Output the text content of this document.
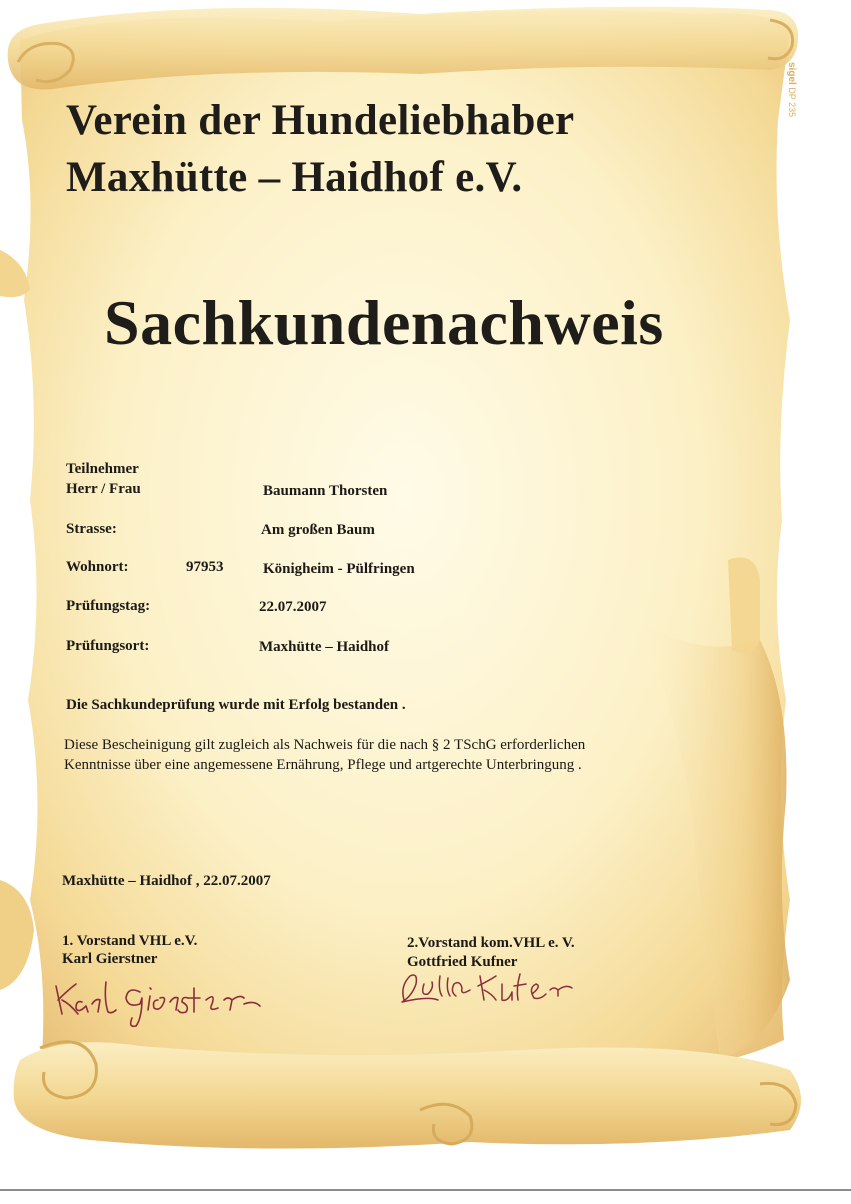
sigel DP 235
Verein der Hundeliebhaber
Maxhütte – Haidhof e.V.
Sachkundenachweis
Teilnehmer
Herr / Frau	Baumann Thorsten
Strasse:	Am großen Baum
Wohnort:	97953	Königheim - Pülfringen
Prüfungstag:	22.07.2007
Prüfungsort:	Maxhütte – Haidhof
Die Sachkundeprüfung wurde mit Erfolg bestanden .
Diese Bescheinigung gilt zugleich als Nachweis für die nach § 2 TSchG erforderlichen
Kenntnisse über eine angemessene Ernährung, Pflege und artgerechte Unterbringung .
Maxhütte – Haidhof , 22.07.2007
1. Vorstand VHL e.V.
Karl Gierstner
2.Vorstand kom.VHL e. V.
Gottfried Kufner
